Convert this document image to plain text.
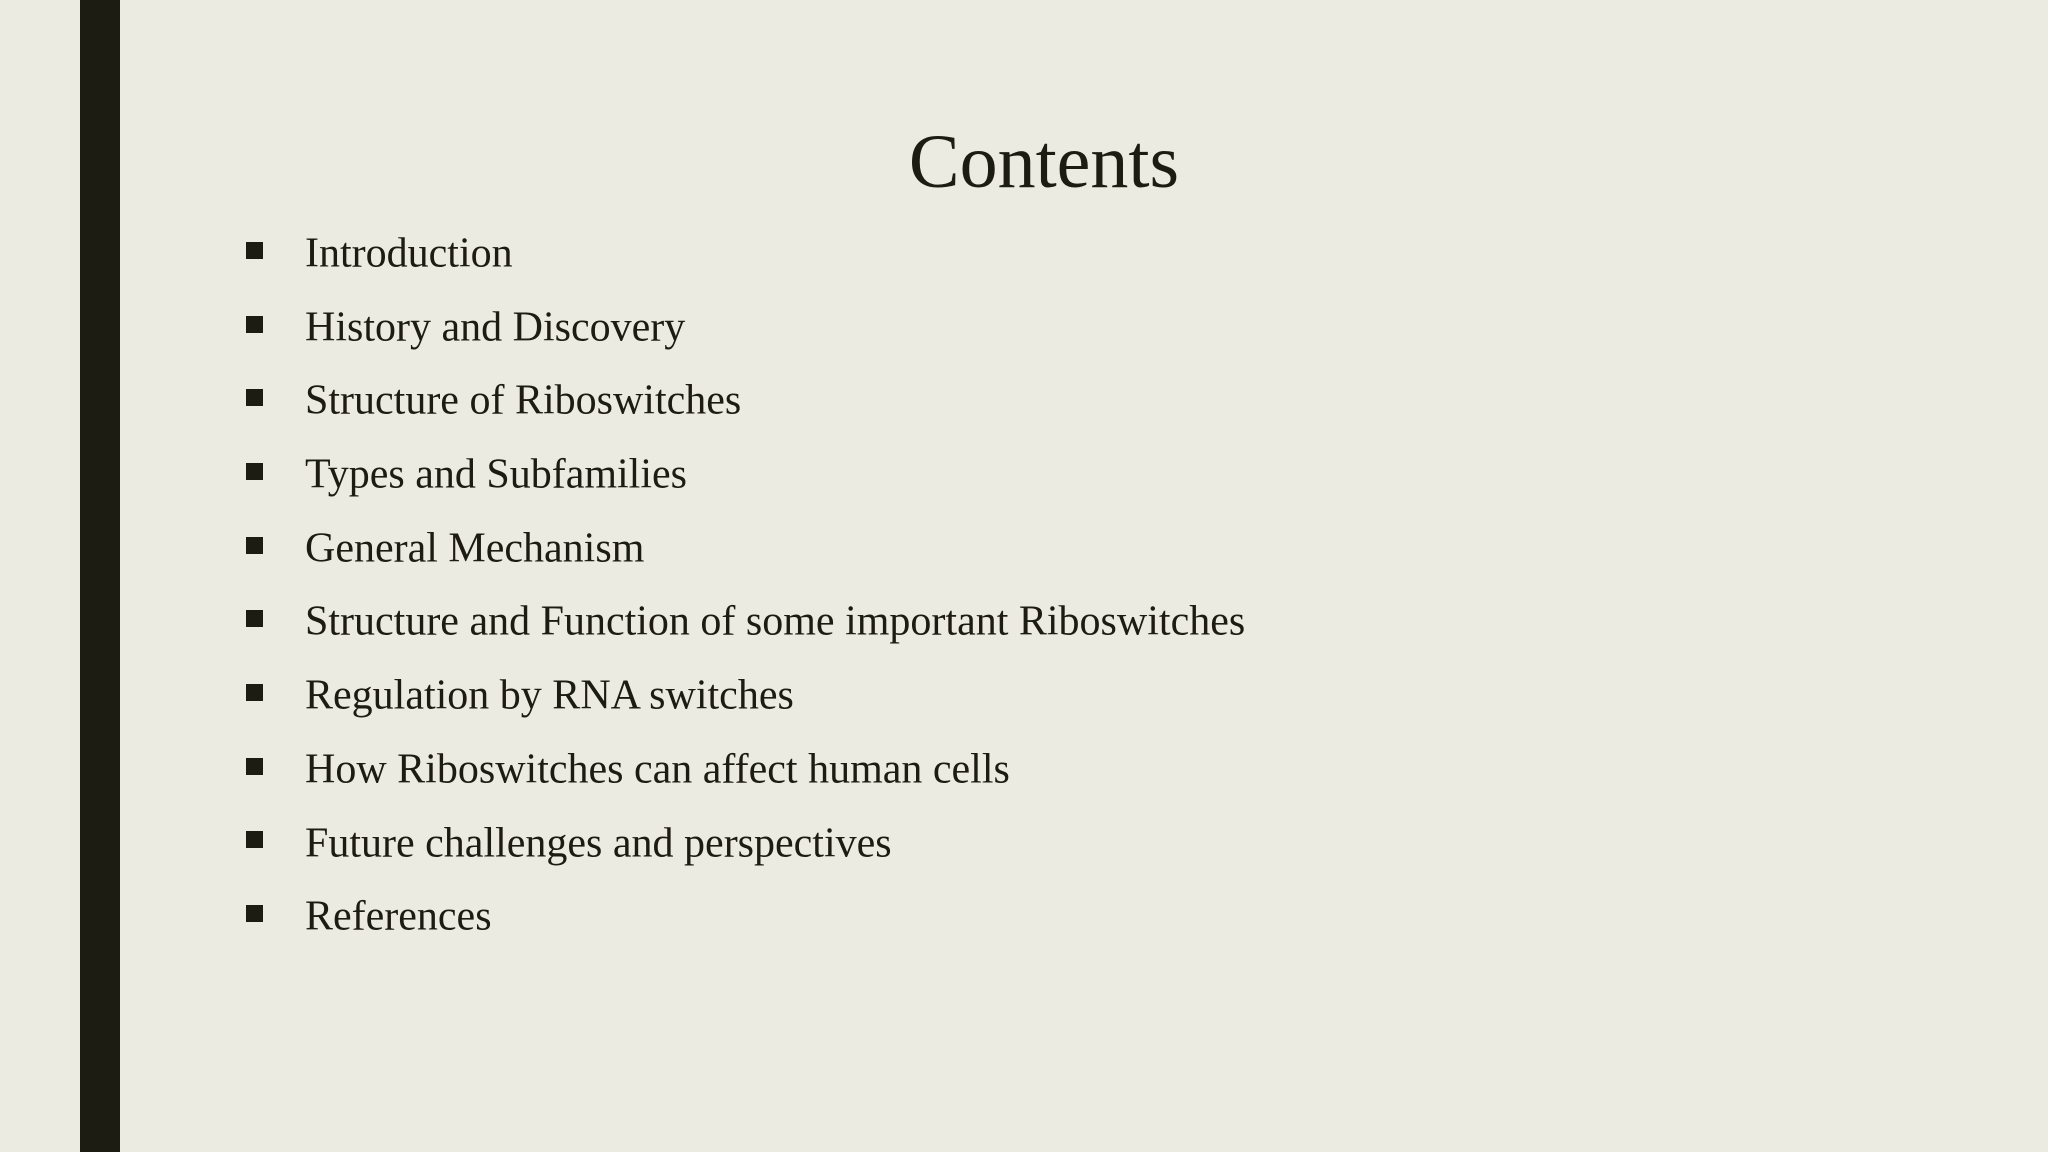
Contents
Introduction
History and Discovery
Structure of Riboswitches
Types and Subfamilies
General Mechanism
Structure and Function of some important Riboswitches
Regulation by RNA switches
How Riboswitches can affect human cells
Future challenges and perspectives
References
